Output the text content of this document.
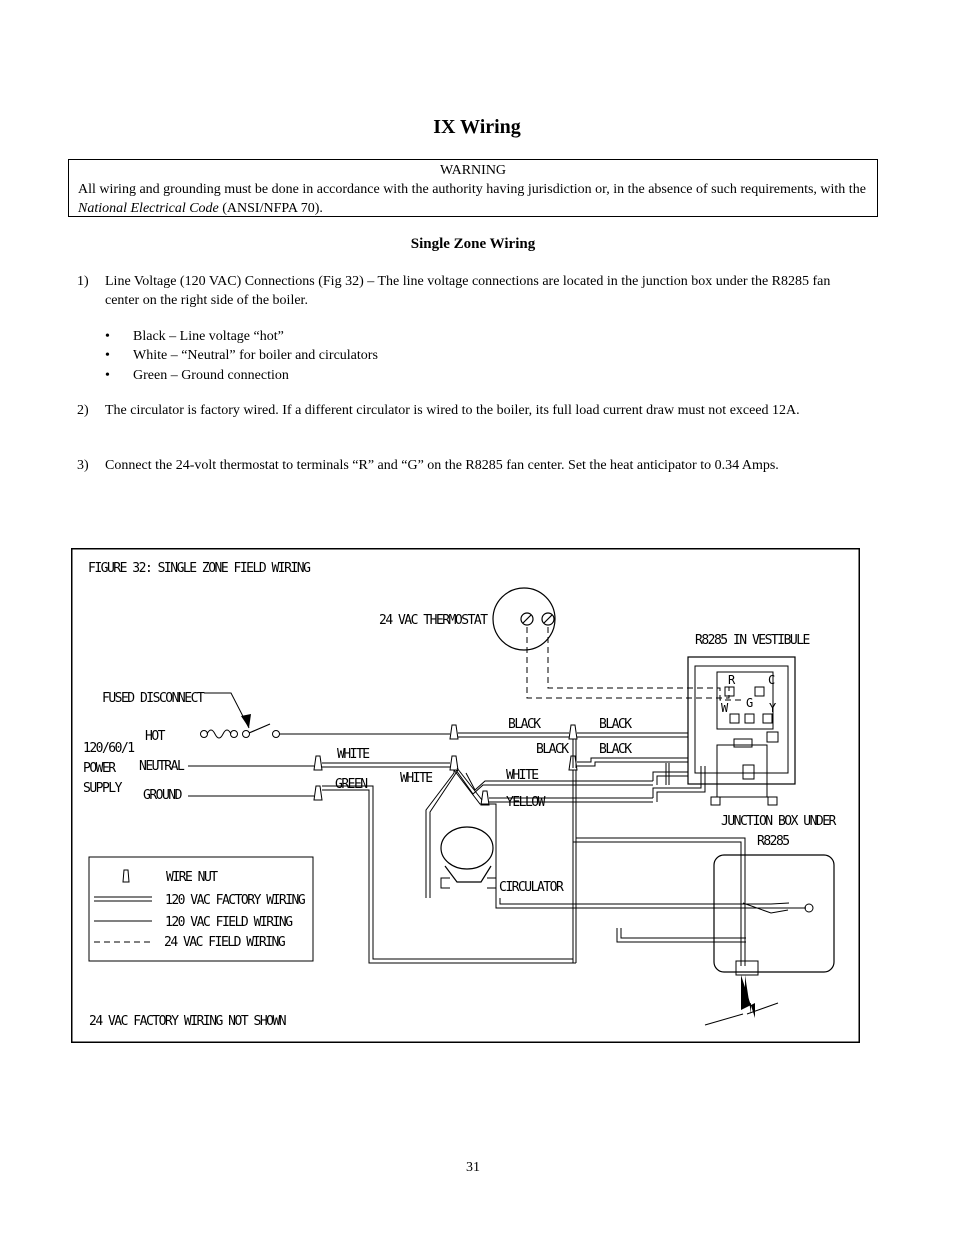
IX Wiring
WARNING
All wiring and grounding must be done in accordance with the authority having jurisdiction or, in the absence of such requirements, with the National Electrical Code (ANSI/NFPA 70).
Single Zone Wiring
1) Line Voltage (120 VAC) Connections (Fig 32) – The line voltage connections are located in the junction box under the R8285 fan center on the right side of the boiler.
• Black – Line voltage “hot”
• White – “Neutral” for boiler and circulators
• Green – Ground connection
2) The circulator is factory wired. If a different circulator is wired to the boiler, its full load current draw must not exceed 12A.
3) Connect the 24-volt thermostat to terminals “R” and “G” on the R8285 fan center. Set the heat anticipator to 0.34 Amps.
FIGURE 32: SINGLE ZONE FIELD WIRING
24 VAC THERMOSTAT
R8285 IN VESTIBULE
R	C
W G Y
FUSED DISCONNECT
HOT
NEUTRAL
GROUND
120/60/1
POWER
SUPPLY
CIRCULATOR
JUNCTION BOX UNDER
R8285
WHITE
GREEN	WHITE
BLACK
BLACK
BLACK
BLACK
WHITE
YELLOW
WIRE NUT
120 VAC FACTORY WIRING
120 VAC FIELD WIRING
24 VAC FIELD WIRING
24 VAC FACTORY WIRING NOT SHOWN
31
